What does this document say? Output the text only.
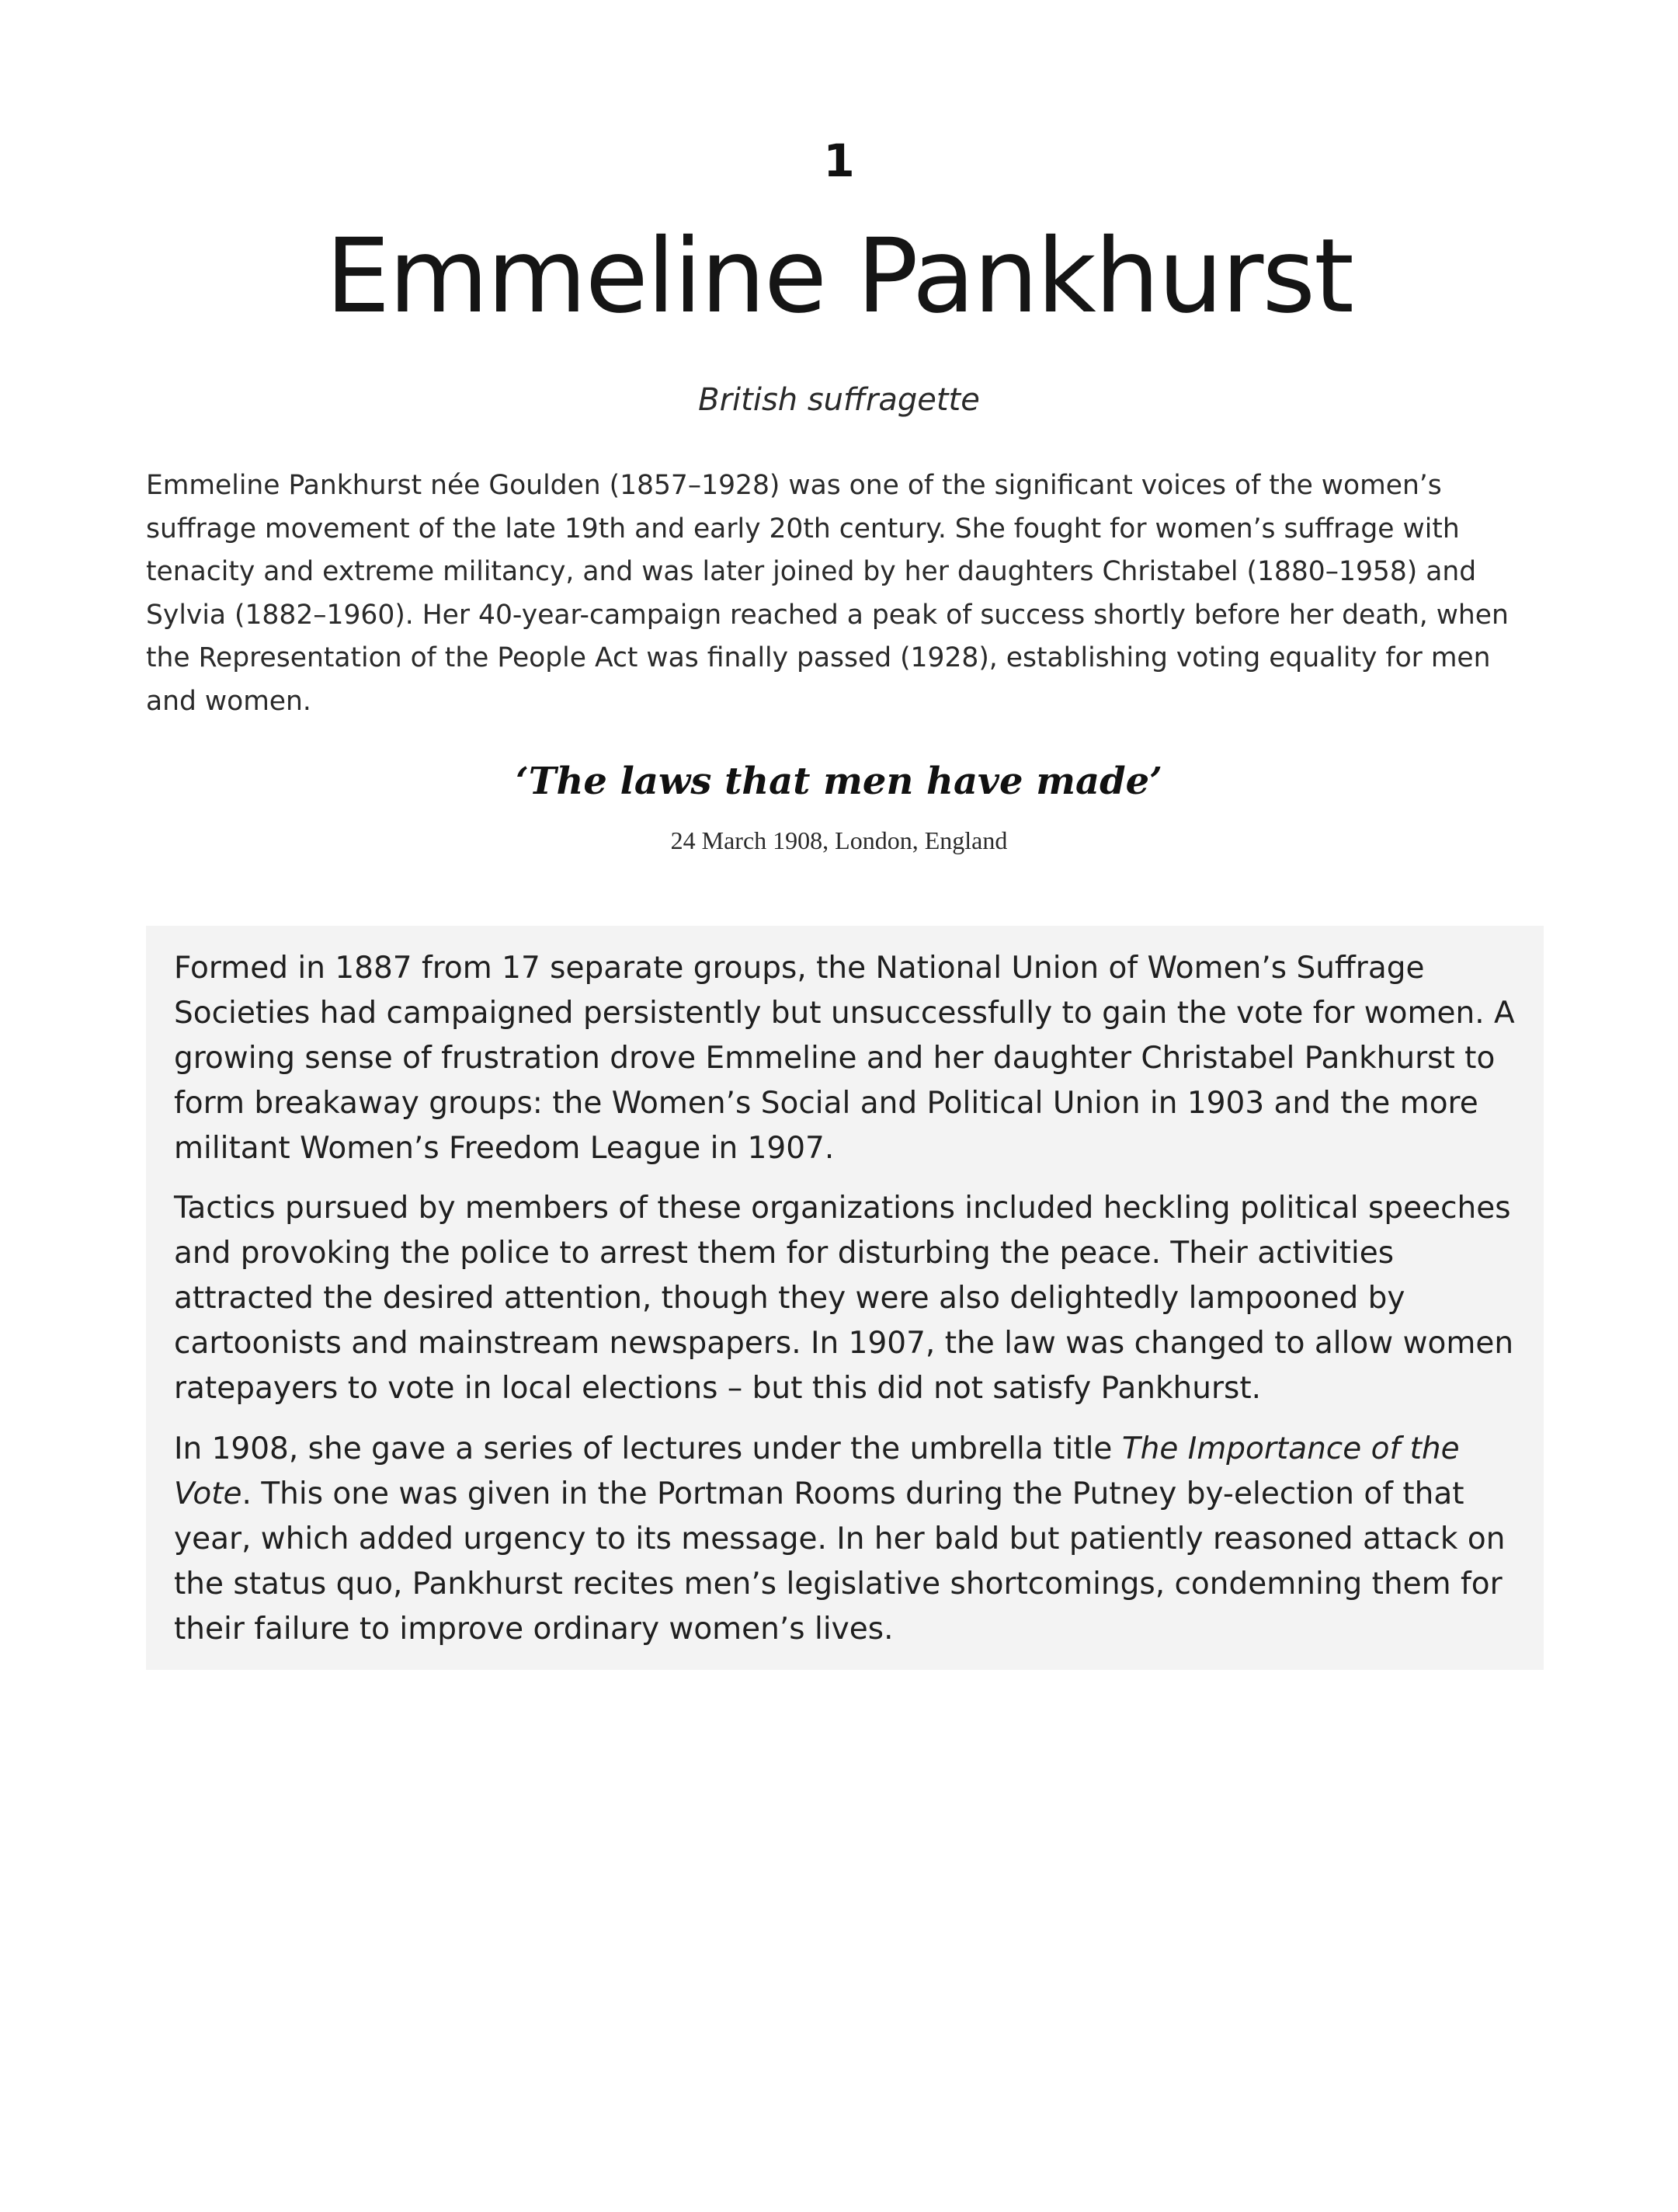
1
Emmeline Pankhurst
British suffragette

Emmeline Pankhurst née Goulden (1857–1928) was one of the significant voices of the women’s suffrage movement of the late 19th and early 20th century. She fought for women’s suffrage with tenacity and extreme militancy, and was later joined by her daughters Christabel (1880–1958) and Sylvia (1882–1960). Her 40-year-campaign reached a peak of success shortly before her death, when the Representation of the People Act was finally passed (1928), establishing voting equality for men and women.

‘The laws that men have made’
24 March 1908, London, England

Formed in 1887 from 17 separate groups, the National Union of Women’s Suffrage Societies had campaigned persistently but unsuccessfully to gain the vote for women. A growing sense of frustration drove Emmeline and her daughter Christabel Pankhurst to form breakaway groups: the Women’s Social and Political Union in 1903 and the more militant Women’s Freedom League in 1907.

Tactics pursued by members of these organizations included heckling political speeches and provoking the police to arrest them for disturbing the peace. Their activities attracted the desired attention, though they were also delightedly lampooned by cartoonists and mainstream newspapers. In 1907, the law was changed to allow women ratepayers to vote in local elections – but this did not satisfy Pankhurst.

In 1908, she gave a series of lectures under the umbrella title The Importance of the Vote. This one was given in the Portman Rooms during the Putney by-election of that year, which added urgency to its message. In her bald but patiently reasoned attack on the status quo, Pankhurst recites men’s legislative shortcomings, condemning them for their failure to improve ordinary women’s lives.
